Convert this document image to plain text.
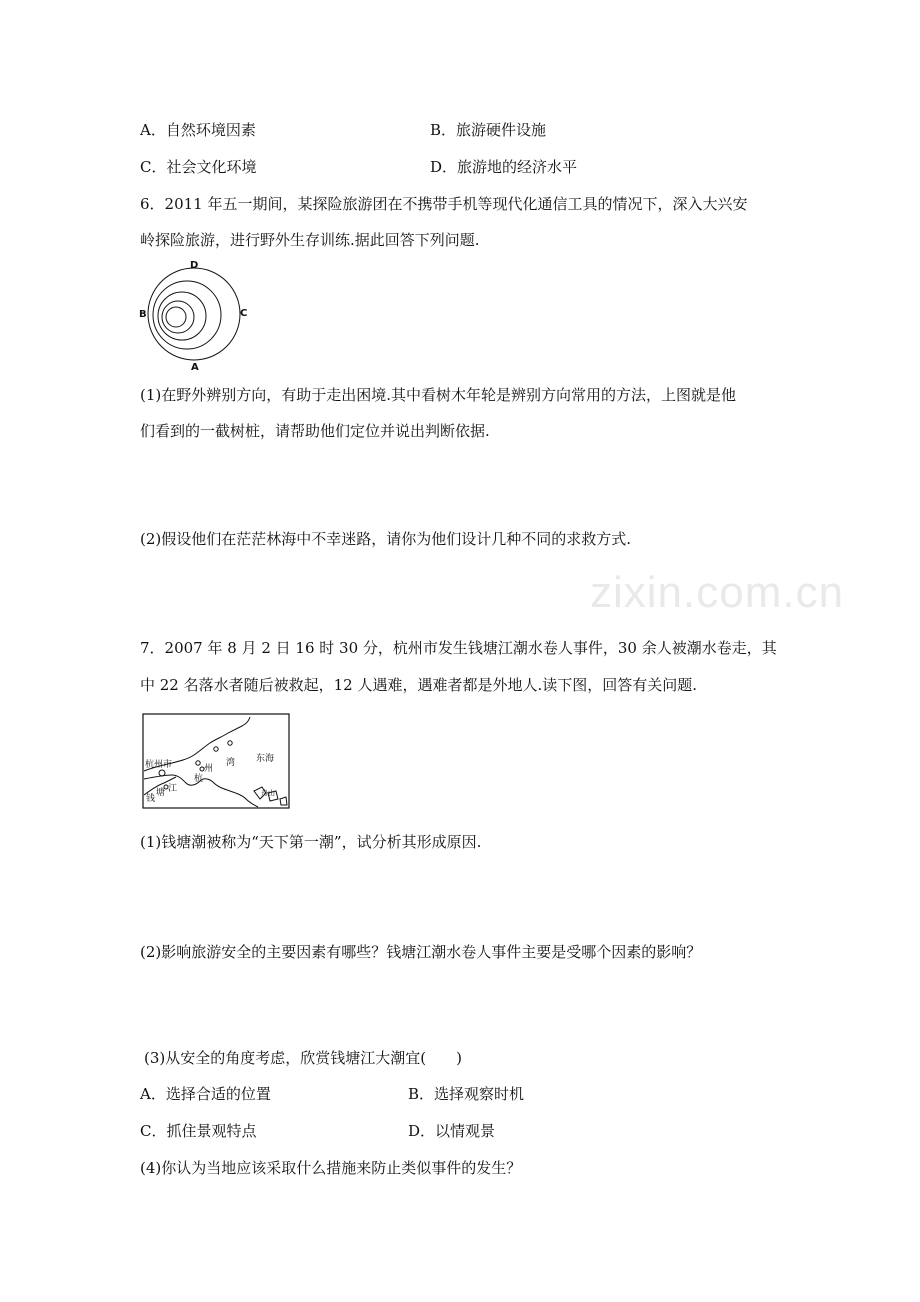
zixin.com.cn
A．自然环境因素	B．旅游硬件设施
C．社会文化环境	D．旅游地的经济水平
6．2011 年五一期间，某探险旅游团在不携带手机等现代化通信工具的情况下，深入大兴安
岭探险旅游，进行野外生存训练.据此回答下列问题.
D
B	C
A
(1)在野外辨别方向，有助于走出困境.其中看树木年轮是辨别方向常用的方法，上图就是他
们看到的一截树桩，请帮助他们定位并说出判断依据.
(2)假设他们在茫茫林海中不幸迷路，请你为他们设计几种不同的求救方式.
7．2007 年 8 月 2 日 16 时 30 分，杭州市发生钱塘江潮水卷人事件，30 余人被潮水卷走，其
中 22 名落水者随后被救起，12 人遇难，遇难者都是外地人.读下图，回答有关问题.
杭州市
杭
州
湾 东海
钱
塘 江	舟山
(1)钱塘潮被称为“天下第一潮”，试分析其形成原因.
(2)影响旅游安全的主要因素有哪些？钱塘江潮水卷人事件主要是受哪个因素的影响？
(3)从安全的角度考虑，欣赏钱塘江大潮宜(　　)
A．选择合适的位置	B．选择观察时机
C．抓住景观特点	D．以情观景
(4)你认为当地应该采取什么措施来防止类似事件的发生？
